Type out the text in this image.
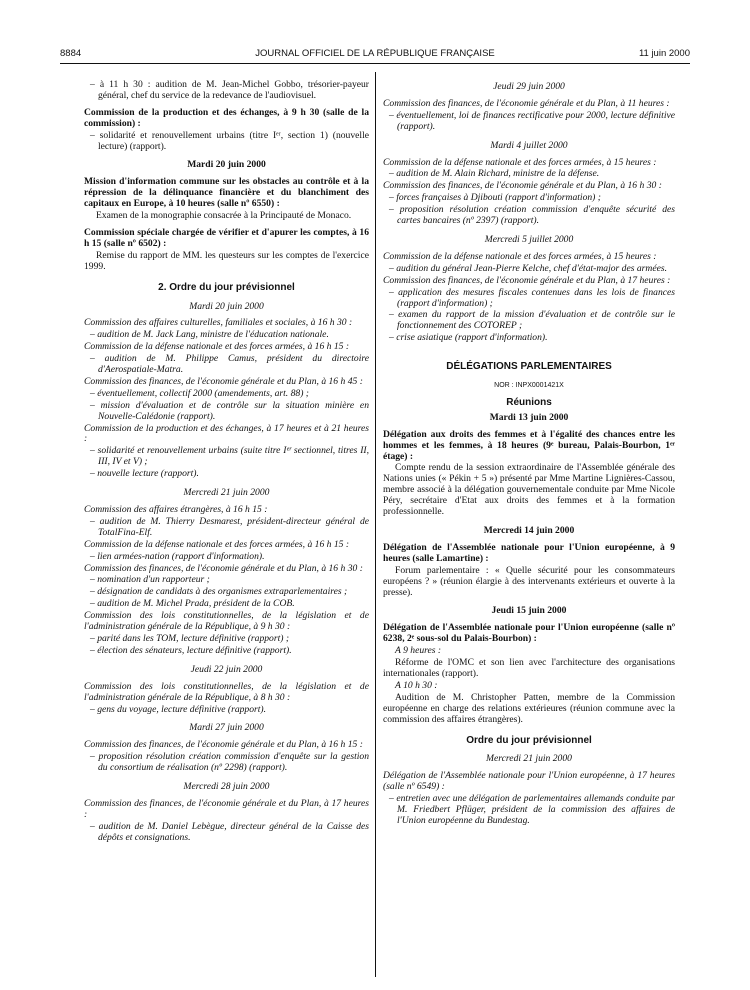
8884	JOURNAL OFFICIEL DE LA RÉPUBLIQUE FRANÇAISE	11 juin 2000

– à 11 h 30 : audition de M. Jean-Michel Gobbo, trésorier-payeur général, chef du service de la redevance de l'audiovisuel.

Commission de la production et des échanges, à 9 h 30 (salle de la commission) :

– solidarité et renouvellement urbains (titre Iᵉʳ, section 1) (nouvelle lecture) (rapport).

Mardi 20 juin 2000

Mission d'information commune sur les obstacles au contrôle et à la répression de la délinquance financière et du blanchiment des capitaux en Europe, à 10 heures (salle nº 6550) :

Examen de la monographie consacrée à la Principauté de Monaco.

Commission spéciale chargée de vérifier et d'apurer les comptes, à 16 h 15 (salle nº 6502) :

Remise du rapport de MM. les questeurs sur les comptes de l'exercice 1999.

2. Ordre du jour prévisionnel

Mardi 20 juin 2000

Commission des affaires culturelles, familiales et sociales, à 16 h 30 :

– audition de M. Jack Lang, ministre de l'éducation nationale.

Commission de la défense nationale et des forces armées, à 16 h 15 :

– audition de M. Philippe Camus, président du directoire d'Aerospatiale-Matra.

Commission des finances, de l'économie générale et du Plan, à 16 h 45 :

– éventuellement, collectif 2000 (amendements, art. 88) ;

– mission d'évaluation et de contrôle sur la situation minière en Nouvelle-Calédonie (rapport).

Commission de la production et des échanges, à 17 heures et à 21 heures :

– solidarité et renouvellement urbains (suite titre Iᵉʳ sectionnel, titres II, III, IV et V) ;

– nouvelle lecture (rapport).

Mercredi 21 juin 2000

Commission des affaires étrangères, à 16 h 15 :

– audition de M. Thierry Desmarest, président-directeur général de TotalFina-Elf.

Commission de la défense nationale et des forces armées, à 16 h 15 :

– lien armées-nation (rapport d'information).

Commission des finances, de l'économie générale et du Plan, à 16 h 30 :

– nomination d'un rapporteur ;

– désignation de candidats à des organismes extraparlementaires ;

– audition de M. Michel Prada, président de la COB.

Commission des lois constitutionnelles, de la législation et de l'administration générale de la République, à 9 h 30 :

– parité dans les TOM, lecture définitive (rapport) ;

– élection des sénateurs, lecture définitive (rapport).

Jeudi 22 juin 2000

Commission des lois constitutionnelles, de la législation et de l'administration générale de la République, à 8 h 30 :

– gens du voyage, lecture définitive (rapport).

Mardi 27 juin 2000

Commission des finances, de l'économie générale et du Plan, à 16 h 15 :

– proposition résolution création commission d'enquête sur la gestion du consortium de réalisation (nº 2298) (rapport).

Mercredi 28 juin 2000

Commission des finances, de l'économie générale et du Plan, à 17 heures :

– audition de M. Daniel Lebègue, directeur général de la Caisse des dépôts et consignations.

Jeudi 29 juin 2000

Commission des finances, de l'économie générale et du Plan, à 11 heures :

– éventuellement, loi de finances rectificative pour 2000, lecture définitive (rapport).

Mardi 4 juillet 2000

Commission de la défense nationale et des forces armées, à 15 heures :

– audition de M. Alain Richard, ministre de la défense.

Commission des finances, de l'économie générale et du Plan, à 16 h 30 :

– forces françaises à Djibouti (rapport d'information) ;

– proposition résolution création commission d'enquête sécurité des cartes bancaires (nº 2397) (rapport).

Mercredi 5 juillet 2000

Commission de la défense nationale et des forces armées, à 15 heures :

– audition du général Jean-Pierre Kelche, chef d'état-major des armées.

Commission des finances, de l'économie générale et du Plan, à 17 heures :

– application des mesures fiscales contenues dans les lois de finances (rapport d'information) ;

– examen du rapport de la mission d'évaluation et de contrôle sur le fonctionnement des COTOREP ;

– crise asiatique (rapport d'information).

DÉLÉGATIONS PARLEMENTAIRES

NOR : INPX0001421X

Réunions

Mardi 13 juin 2000

Délégation aux droits des femmes et à l'égalité des chances entre les hommes et les femmes, à 18 heures (9ᵉ bureau, Palais-Bourbon, 1ᵉʳ étage) :

Compte rendu de la session extraordinaire de l'Assemblée générale des Nations unies (« Pékin + 5 ») présenté par Mme Martine Lignières-Cassou, membre associé à la délégation gouvernementale conduite par Mme Nicole Péry, secrétaire d'Etat aux droits des femmes et à la formation professionnelle.

Mercredi 14 juin 2000

Délégation de l'Assemblée nationale pour l'Union européenne, à 9 heures (salle Lamartine) :

Forum parlementaire : « Quelle sécurité pour les consommateurs européens ? » (réunion élargie à des intervenants extérieurs et ouverte à la presse).

Jeudi 15 juin 2000

Délégation de l'Assemblée nationale pour l'Union européenne (salle nº 6238, 2ᵉ sous-sol du Palais-Bourbon) :

A 9 heures :

Réforme de l'OMC et son lien avec l'architecture des organisations internationales (rapport).

A 10 h 30 :

Audition de M. Christopher Patten, membre de la Commission européenne en charge des relations extérieures (réunion commune avec la commission des affaires étrangères).

Ordre du jour prévisionnel

Mercredi 21 juin 2000

Délégation de l'Assemblée nationale pour l'Union européenne, à 17 heures (salle nº 6549) :

– entretien avec une délégation de parlementaires allemands conduite par M. Friedbert Pflüger, président de la commission des affaires de l'Union européenne du Bundestag.
